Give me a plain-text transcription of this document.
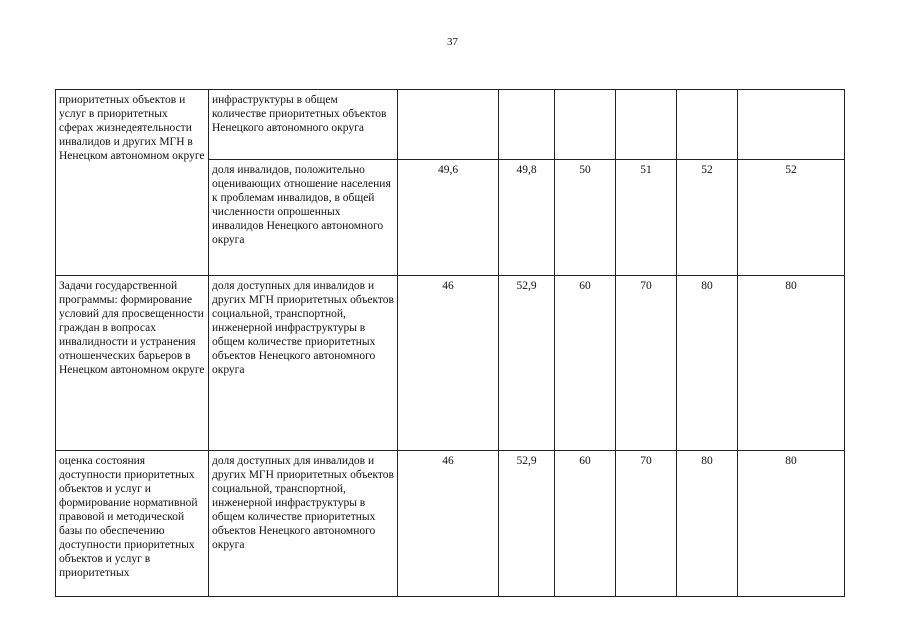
37
приоритетных объектов и услуг в приоритетных сферах жизнедеятельности инвалидов и других МГН в Ненецком автономном округе	инфраструктуры в общем количестве приоритетных объектов Ненецкого автономного округа						
	доля инвалидов, положительно оценивающих отношение населения к проблемам инвалидов, в общей численности опрошенных инвалидов Ненецкого автономного округа	49,6	49,8	50	51	52	52
Задачи государственной программы: формирование условий для просвещенности граждан в вопросах инвалидности и устранения отношенческих барьеров в Ненецком автономном округе	доля доступных для инвалидов и других МГН приоритетных объектов социальной, транспортной, инженерной инфраструктуры в общем количестве приоритетных объектов Ненецкого автономного округа	46	52,9	60	70	80	80
оценка состояния доступности приоритетных объектов и услуг и формирование нормативной правовой и методической базы по обеспечению доступности приоритетных объектов и услуг в приоритетных	доля доступных для инвалидов и других МГН приоритетных объектов социальной, транспортной, инженерной инфраструктуры в общем количестве приоритетных объектов Ненецкого автономного округа	46	52,9	60	70	80	80
